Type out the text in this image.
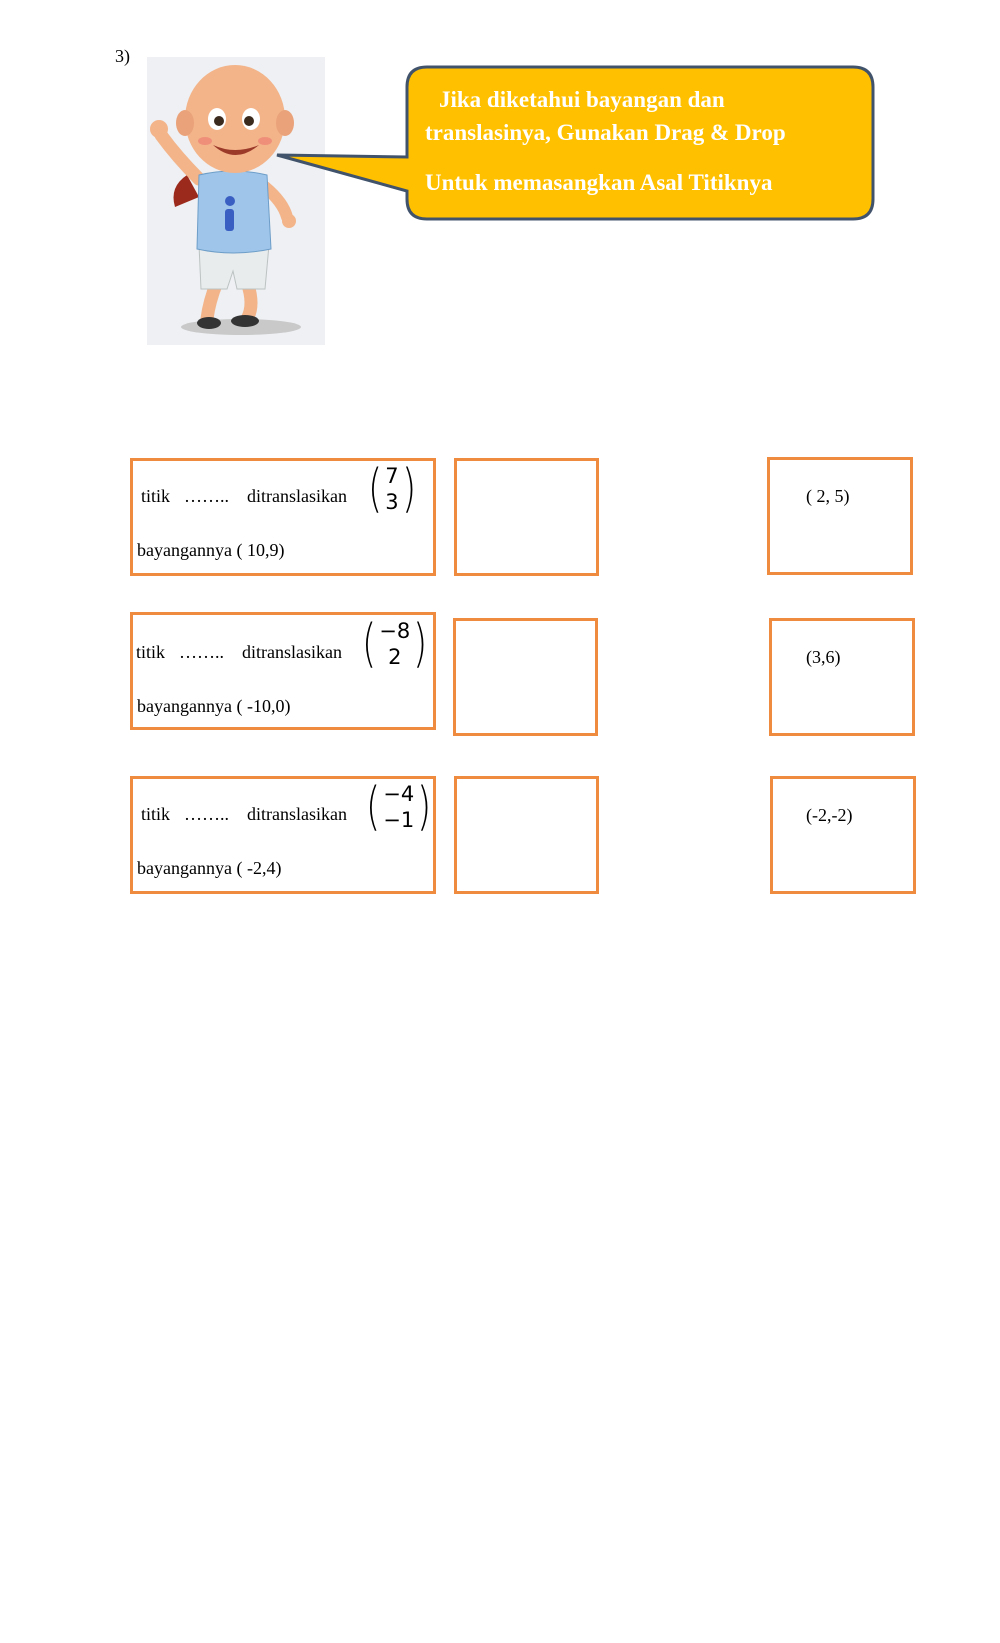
3)
Jika diketahui bayangan dan
translasinya, Gunakan Drag & Drop
Untuk memasangkan Asal Titiknya
titik …….. ditranslasikan ( 7
3 )
bayangannya ( 10,9)
( 2, 5)
titik …….. ditranslasikan ( −8
2 )
bayangannya ( -10,0)
(3,6)
titik …….. ditranslasikan ( −4
−1 )
bayangannya ( -2,4)
(-2,-2)
